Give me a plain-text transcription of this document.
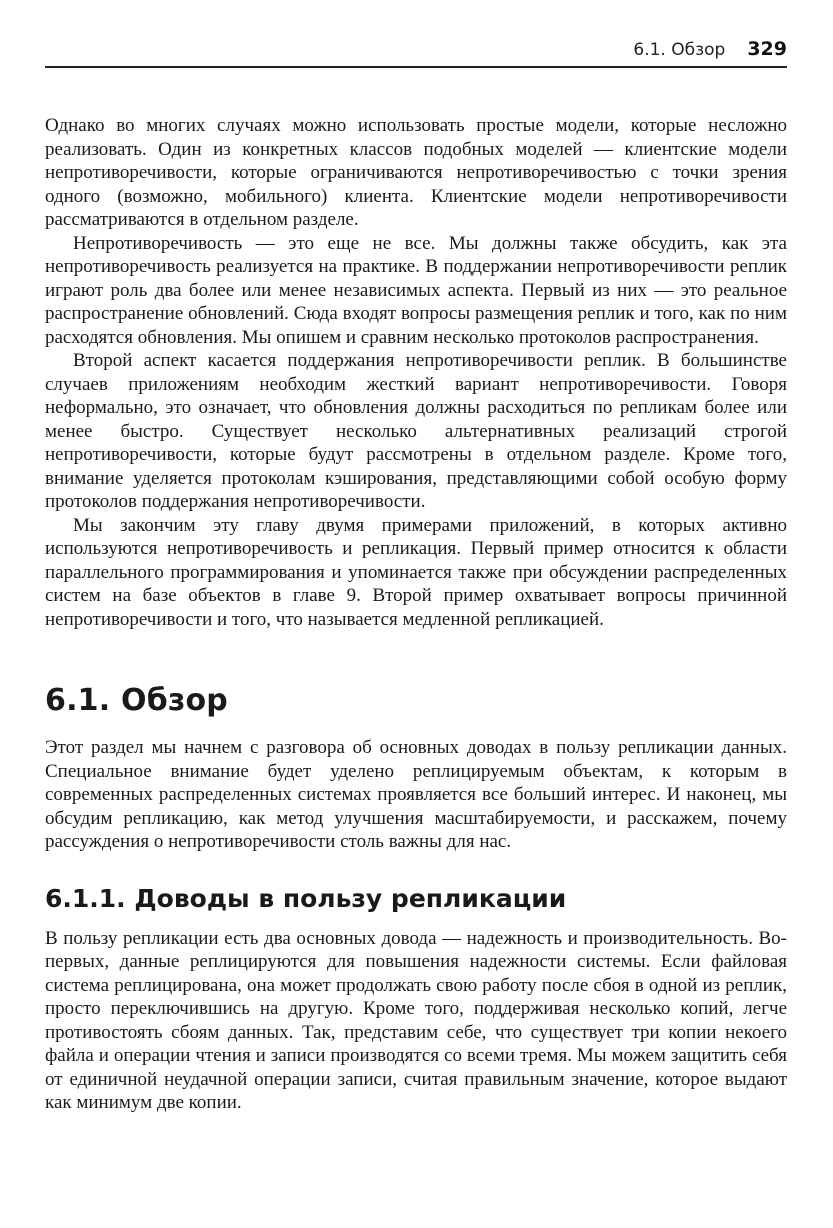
6.1. Обзор 329

Однако во многих случаях можно использовать простые модели, которые несложно реализовать. Один из конкретных классов подобных моделей — клиентские модели непротиворечивости, которые ограничиваются непротиворечивостью с точки зрения одного (возможно, мобильного) клиента. Клиентские модели непротиворечивости рассматриваются в отдельном разделе.

Непротиворечивость — это еще не все. Мы должны также обсудить, как эта непротиворечивость реализуется на практике. В поддержании непротиворечивости реплик играют роль два более или менее независимых аспекта. Первый из них — это реальное распространение обновлений. Сюда входят вопросы размещения реплик и того, как по ним расходятся обновления. Мы опишем и сравним несколько протоколов распространения.

Второй аспект касается поддержания непротиворечивости реплик. В большинстве случаев приложениям необходим жесткий вариант непротиворечивости. Говоря неформально, это означает, что обновления должны расходиться по репликам более или менее быстро. Существует несколько альтернативных реализаций строгой непротиворечивости, которые будут рассмотрены в отдельном разделе. Кроме того, внимание уделяется протоколам кэширования, представляющими собой особую форму протоколов поддержания непротиворечивости.

Мы закончим эту главу двумя примерами приложений, в которых активно используются непротиворечивость и репликация. Первый пример относится к области параллельного программирования и упоминается также при обсуждении распределенных систем на базе объектов в главе 9. Второй пример охватывает вопросы причинной непротиворечивости и того, что называется медленной репликацией.

6.1. Обзор

Этот раздел мы начнем с разговора об основных доводах в пользу репликации данных. Специальное внимание будет уделено реплицируемым объектам, к которым в современных распределенных системах проявляется все больший интерес. И наконец, мы обсудим репликацию, как метод улучшения масштабируемости, и расскажем, почему рассуждения о непротиворечивости столь важны для нас.

6.1.1. Доводы в пользу репликации

В пользу репликации есть два основных довода — надежность и производительность. Во-первых, данные реплицируются для повышения надежности системы. Если файловая система реплицирована, она может продолжать свою работу после сбоя в одной из реплик, просто переключившись на другую. Кроме того, поддерживая несколько копий, легче противостоять сбоям данных. Так, представим себе, что существует три копии некоего файла и операции чтения и записи производятся со всеми тремя. Мы можем защитить себя от единичной неудачной операции записи, считая правильным значение, которое выдают как минимум две копии.
